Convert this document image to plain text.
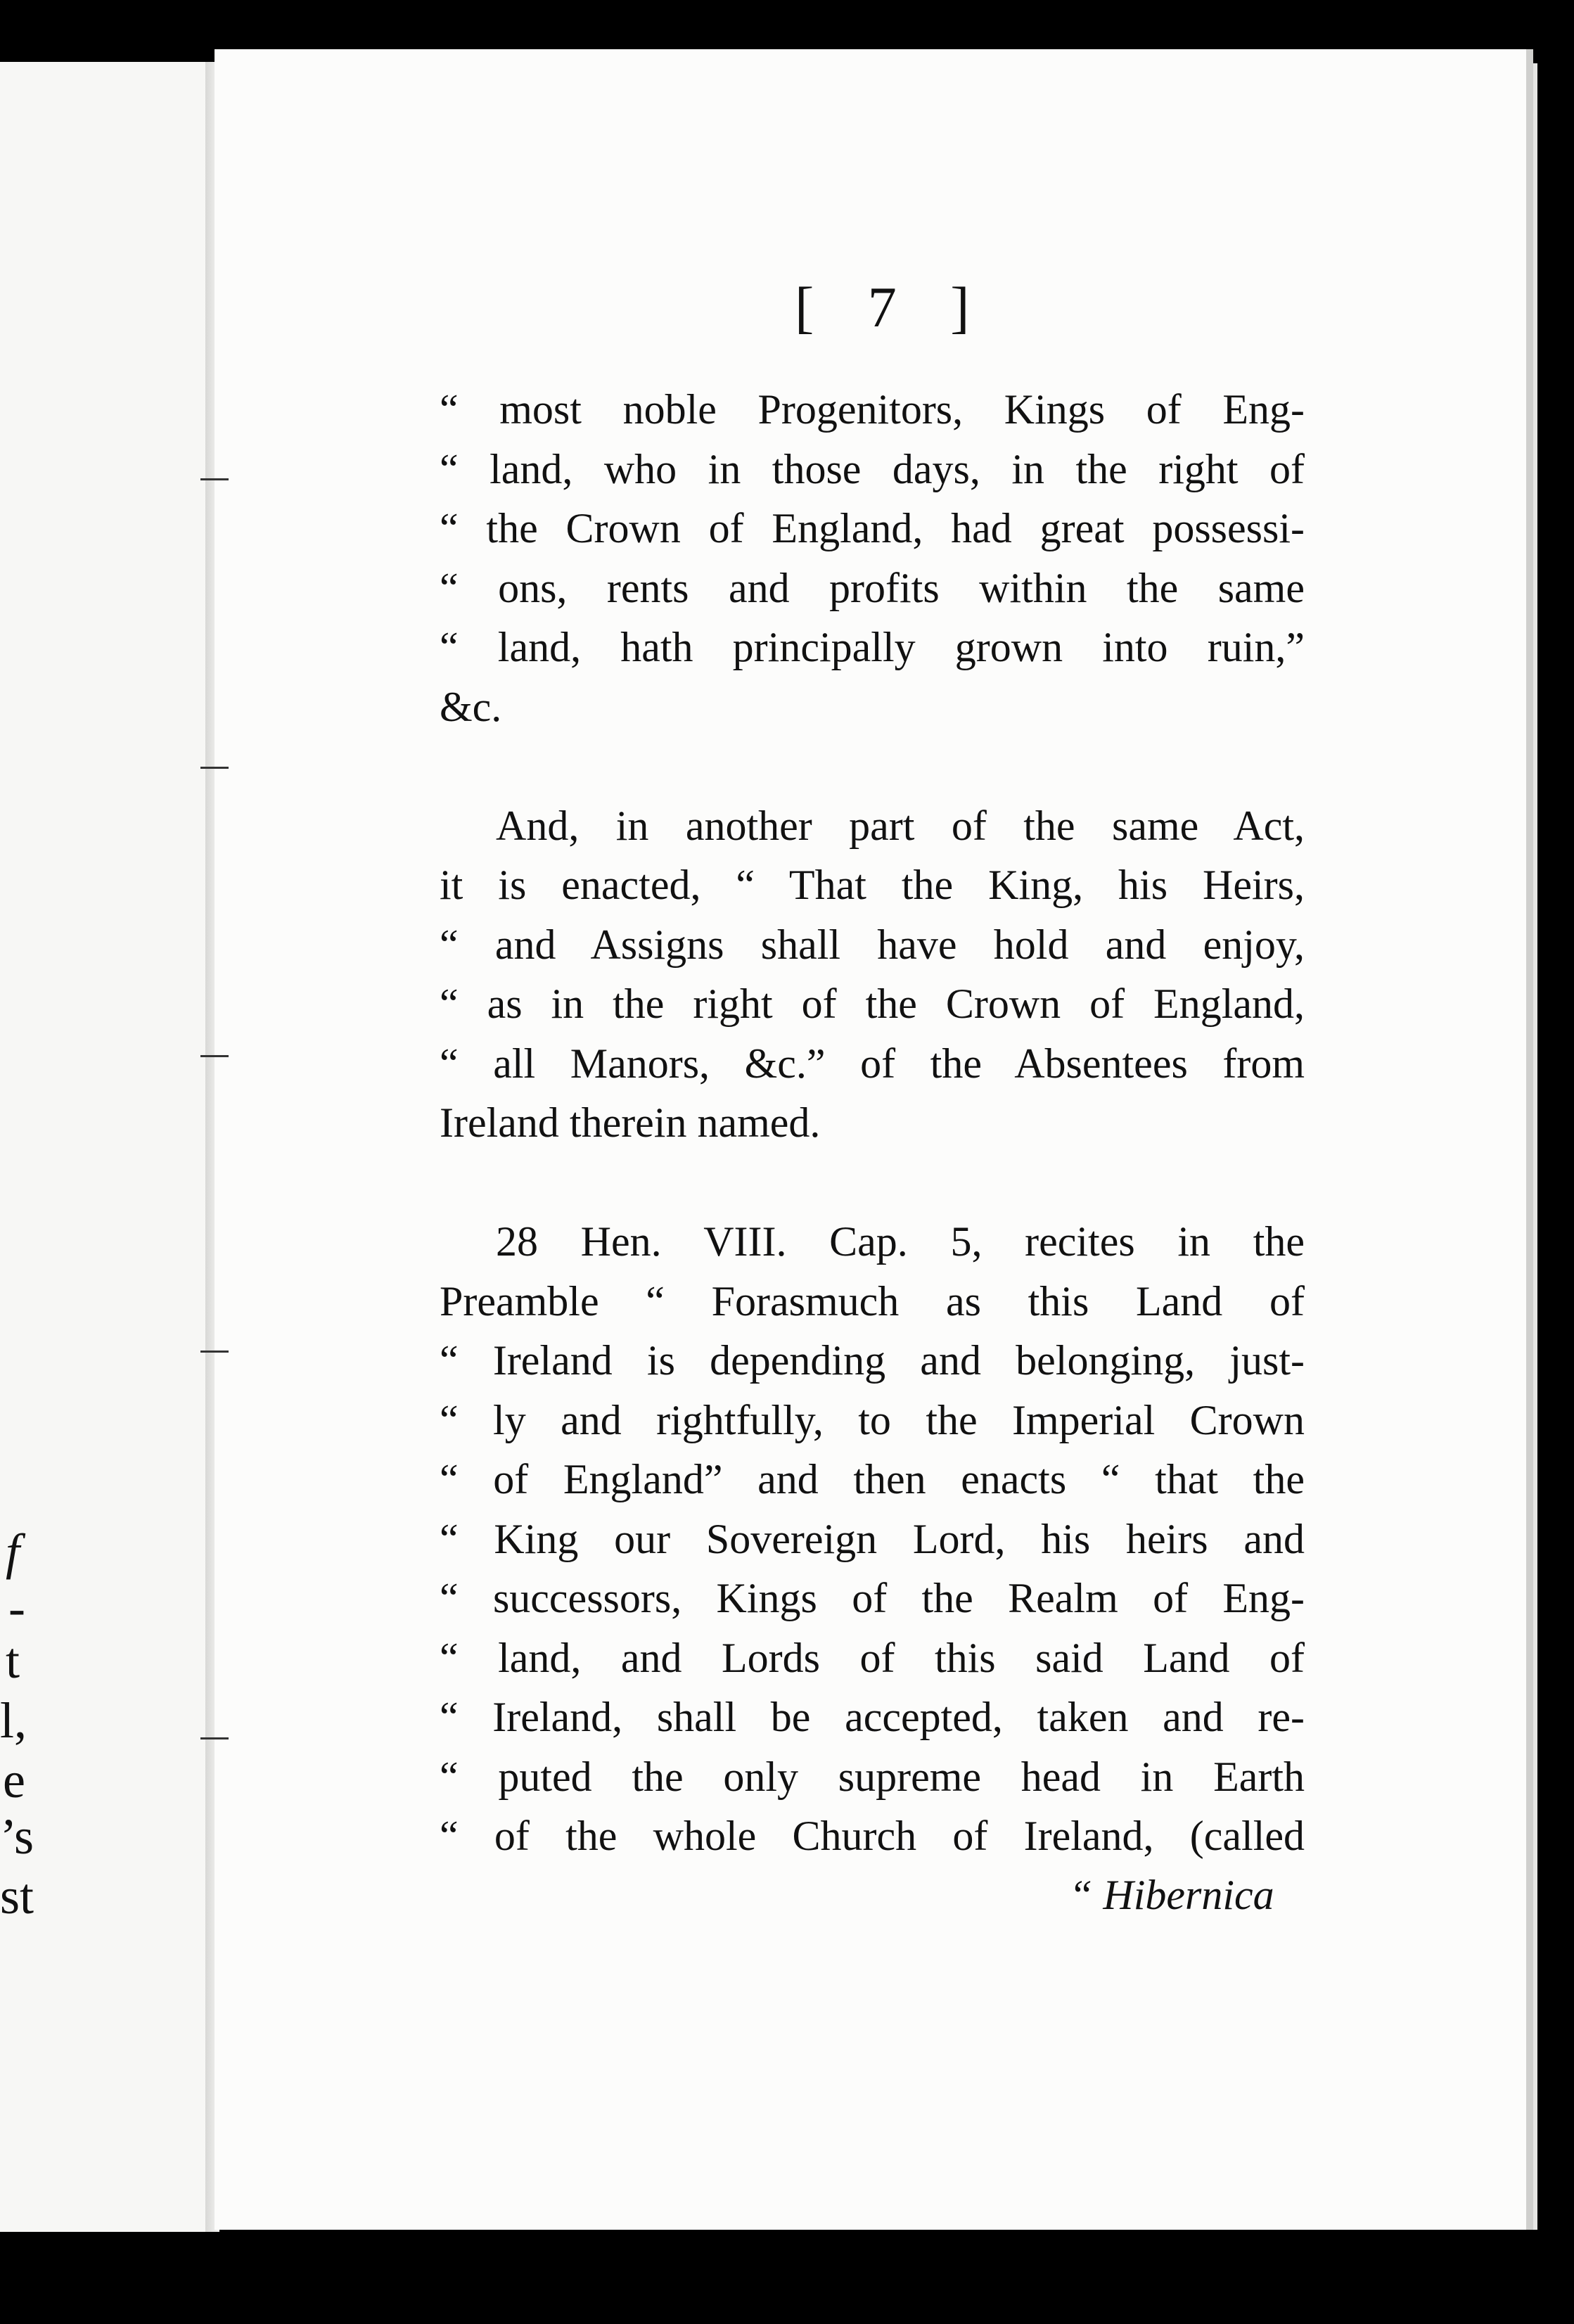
f
-
t
l,
e
’s
st
[ 7 ]
“ most noble Progenitors, Kings of Eng-
“ land, who in those days, in the right of
“ the Crown of England, had great possessi-
“ ons, rents and profits within the same
“ land, hath principally grown into ruin,”
&c.
And, in another part of the same Act,
it is enacted, “ That the King, his Heirs,
“ and Assigns shall have hold and enjoy,
“ as in the right of the Crown of England,
“ all Manors, &c.” of the Absentees from
Ireland therein named.
28 Hen. VIII. Cap. 5, recites in the
Preamble “ Forasmuch as this Land of
“ Ireland is depending and belonging, just-
“ ly and rightfully, to the Imperial Crown
“ of England” and then enacts “ that the
“ King our Sovereign Lord, his heirs and
“ successors, Kings of the Realm of Eng-
“ land, and Lords of this said Land of
“ Ireland, shall be accepted, taken and re-
“ puted the only supreme head in Earth
“ of the whole Church of Ireland, (called
“ Hibernica
